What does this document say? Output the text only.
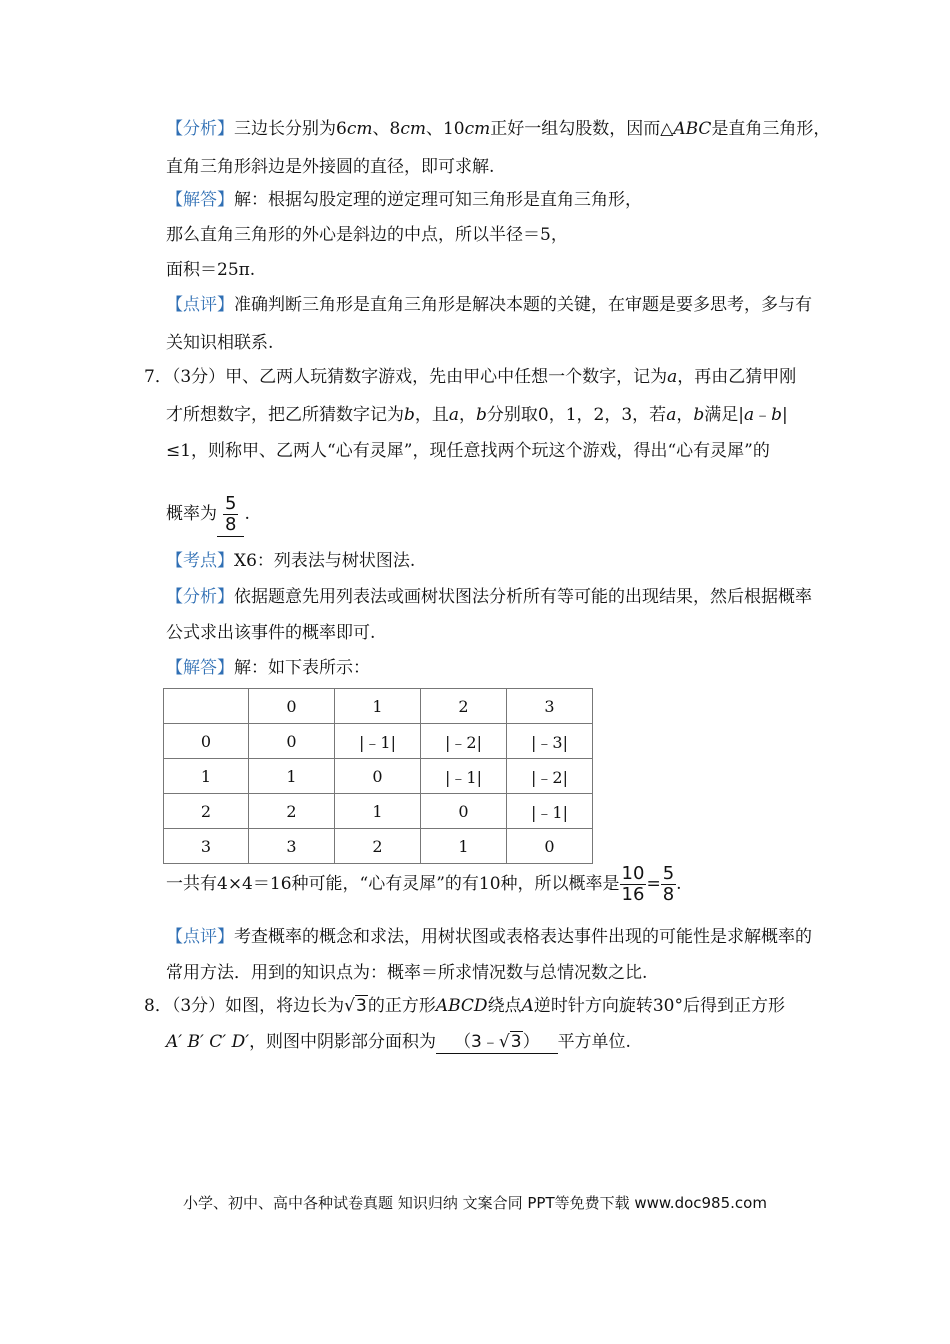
【分析】三边长分别为6cm、8cm、10cm正好一组勾股数，因而△ABC是直角三角形，
直角三角形斜边是外接圆的直径，即可求解.
【解答】解：根据勾股定理的逆定理可知三角形是直角三角形，
那么直角三角形的外心是斜边的中点，所以半径＝5，
面积＝25π.
【点评】准确判断三角形是直角三角形是解决本题的关键，在审题是要多思考，多与有
关知识相联系.
7．（3分）甲、乙两人玩猜数字游戏，先由甲心中任想一个数字，记为a，再由乙猜甲刚
才所想数字，把乙所猜数字记为b，且a，b分别取0，1，2，3，若a，b满足|a﹣b|
≤1，则称甲、乙两人“心有灵犀”，现任意找两个玩这个游戏，得出“心有灵犀”的
概率为 $\frac{5}{8}$ .
【考点】X6：列表法与树状图法.
【分析】依据题意先用列表法或画树状图法分析所有等可能的出现结果，然后根据概率
公式求出该事件的概率即可.
【解答】解：如下表所示：
	0	1	2	3
0	0	|﹣1|	|﹣2|	|﹣3|
1	1	0	|﹣1|	|﹣2|
2	2	1	0	|﹣1|
3	3	2	1	0
一共有4×4＝16种可能，“心有灵犀”的有10种，所以概率是 $\frac{10}{16} = \frac{5}{8}$ .
【点评】考查概率的概念和求法，用树状图或表格表达事件出现的可能性是求解概率的
常用方法．用到的知识点为：概率＝所求情况数与总情况数之比.
8．（3分）如图，将边长为√3的正方形ABCD绕点A逆时针方向旋转30°后得到正方形
A′ B′ C′ D′，则图中阴影部分面积为 （3﹣√3） 平方单位.
小学、初中、高中各种试卷真题 知识归纳 文案合同 PPT等免费下载 www.doc985.com
